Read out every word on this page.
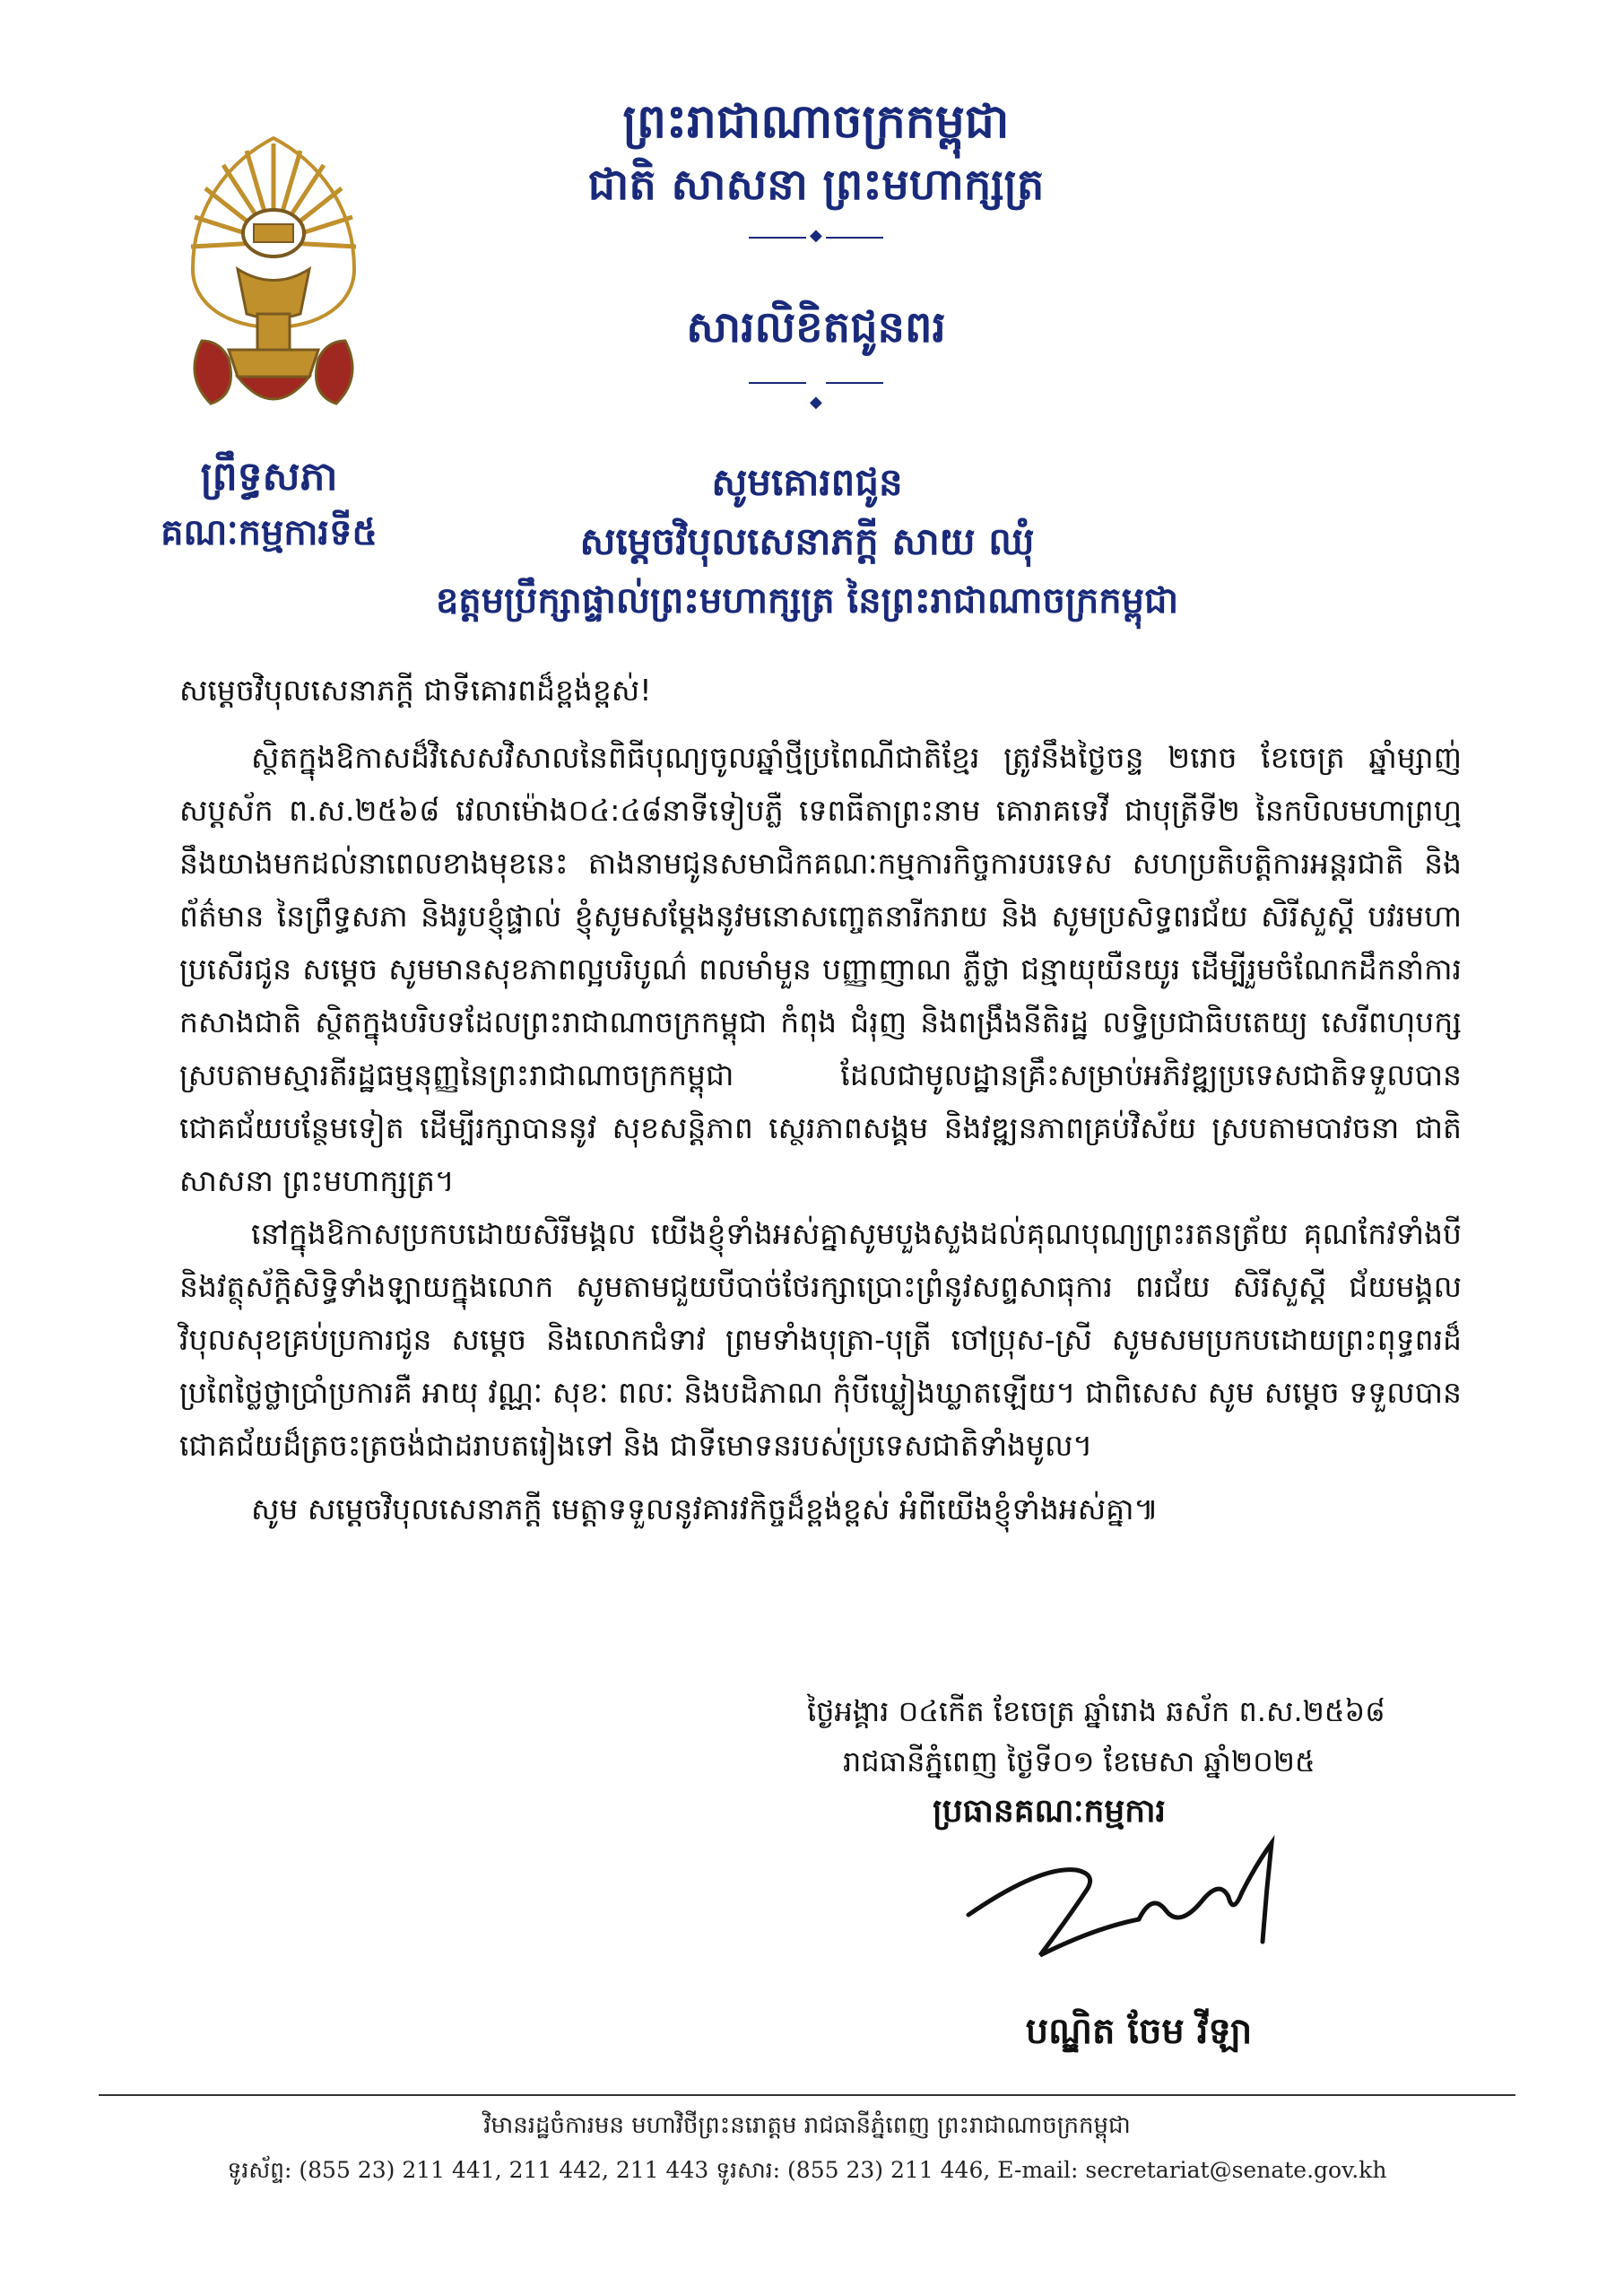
ព្រឹទ្ធសភា
គណៈកម្មការទី៥
ព្រះរាជាណាចក្រកម្ពុជា
ជាតិ សាសនា ព្រះមហាក្សត្រ
◆
សារលិខិតជូនពរ
◆
សូមគោរពជូន
សម្តេចវិបុលសេនាភក្តី សាយ ឈុំ
ឧត្តមប្រឹក្សាផ្ទាល់ព្រះមហាក្សត្រ នៃព្រះរាជាណាចក្រកម្ពុជា

សម្តេចវិបុលសេនាភក្តី ជាទីគោរពដ៏ខ្ពង់ខ្ពស់!

ស្ថិតក្នុងឱកាសដ៏វិសេសវិសាលនៃពិធីបុណ្យចូលឆ្នាំថ្មីប្រពៃណីជាតិខ្មែរ ត្រូវនឹងថ្ងៃចន្ទ ២រោច ខែចេត្រ ឆ្នាំម្សាញ់ សប្តស័ក ព.ស.២៥៦៨ វេលាម៉ោង០៤:៤៨នាទីទៀបភ្លឺ ទេពធីតាព្រះនាម គោរាគទេវី ជាបុត្រីទី២ នៃកបិលមហាព្រហ្ម នឹងយាងមកដល់នាពេលខាងមុខនេះ តាងនាមជូនសមាជិកគណៈកម្មការកិច្ចការបរទេស សហប្រតិបត្តិការអន្តរជាតិ និងព័ត៌មាន នៃព្រឹទ្ធសភា និងរូបខ្ញុំផ្ទាល់ ខ្ញុំសូមសម្តែងនូវមនោសញ្ចេតនារីករាយ និង សូមប្រសិទ្ធពរជ័យ សិរីសួស្តី បវរមហាប្រសើរជូន សម្តេច សូមមានសុខភាពល្អបរិបូណ៌ ពលមាំមួន បញ្ញាញាណ ភ្លឺថ្លា ជន្មាយុយឺនយូរ ដើម្បីរួមចំណែកដឹកនាំការកសាងជាតិ ស្ថិតក្នុងបរិបទដែលព្រះរាជាណាចក្រកម្ពុជា កំពុង ជំរុញ និងពង្រឹងនីតិរដ្ឋ លទ្ធិប្រជាធិបតេយ្យ សេរីពហុបក្ស ស្របតាមស្មារតីរដ្ឋធម្មនុញ្ញនៃព្រះរាជាណាចក្រកម្ពុជា ដែលជាមូលដ្ឋានគ្រឹះសម្រាប់អភិវឌ្ឍប្រទេសជាតិទទួលបានជោគជ័យបន្ថែមទៀត ដើម្បីរក្សាបាននូវ សុខសន្តិភាព ស្ថេរភាពសង្គម និងវឌ្ឍនភាពគ្រប់វិស័យ ស្របតាមបាវចនា ជាតិ សាសនា ព្រះមហាក្សត្រ។

នៅក្នុងឱកាសប្រកបដោយសិរីមង្គល យើងខ្ញុំទាំងអស់គ្នាសូមបួងសួងដល់គុណបុណ្យព្រះរតនត្រ័យ គុណកែវទាំងបី និងវត្ថុស័ក្តិសិទ្ធិទាំងឡាយក្នុងលោក សូមតាមជួយបីបាច់ថែរក្សាប្រោះព្រំនូវសព្ទសាធុការ ពរជ័យ សិរីសួស្តី ជ័យមង្គល វិបុលសុខគ្រប់ប្រការជូន សម្តេច និងលោកជំទាវ ព្រមទាំងបុត្រា-បុត្រី ចៅប្រុស-ស្រី សូមសមប្រកបដោយព្រះពុទ្ធពរដ៏ប្រពៃថ្លៃថ្លាប្រាំប្រការគឺ អាយុ វណ្ណៈ សុខៈ ពលៈ និងបដិភាណ កុំបីឃ្លៀងឃ្លាតឡើយ។ ជាពិសេស សូម សម្តេច ទទួលបានជោគជ័យដ៏ត្រចះត្រចង់ជាដរាបតរៀងទៅ និង ជាទីមោទនរបស់ប្រទេសជាតិទាំងមូល។

សូម សម្តេចវិបុលសេនាភក្តី មេត្តាទទួលនូវគារវកិច្ចដ៏ខ្ពង់ខ្ពស់ អំពីយើងខ្ញុំទាំងអស់គ្នា៕

ថ្ងៃអង្គារ ០៤កើត ខែចេត្រ ឆ្នាំរោង ឆស័ក ព.ស.២៥៦៨
រាជធានីភ្នំពេញ ថ្ងៃទី០១ ខែមេសា ឆ្នាំ២០២៥
ប្រធានគណៈកម្មការ
បណ្ឌិត ចែម វីឡា
វិមានរដ្ឋចំការមន មហាវិថីព្រះនរោត្តម រាជធានីភ្នំពេញ ព្រះរាជាណាចក្រកម្ពុជា
ទូរស័ព្ទ: (855 23) 211 441, 211 442, 211 443 ទូរសារ: (855 23) 211 446, E-mail: secretariat@senate.gov.kh
